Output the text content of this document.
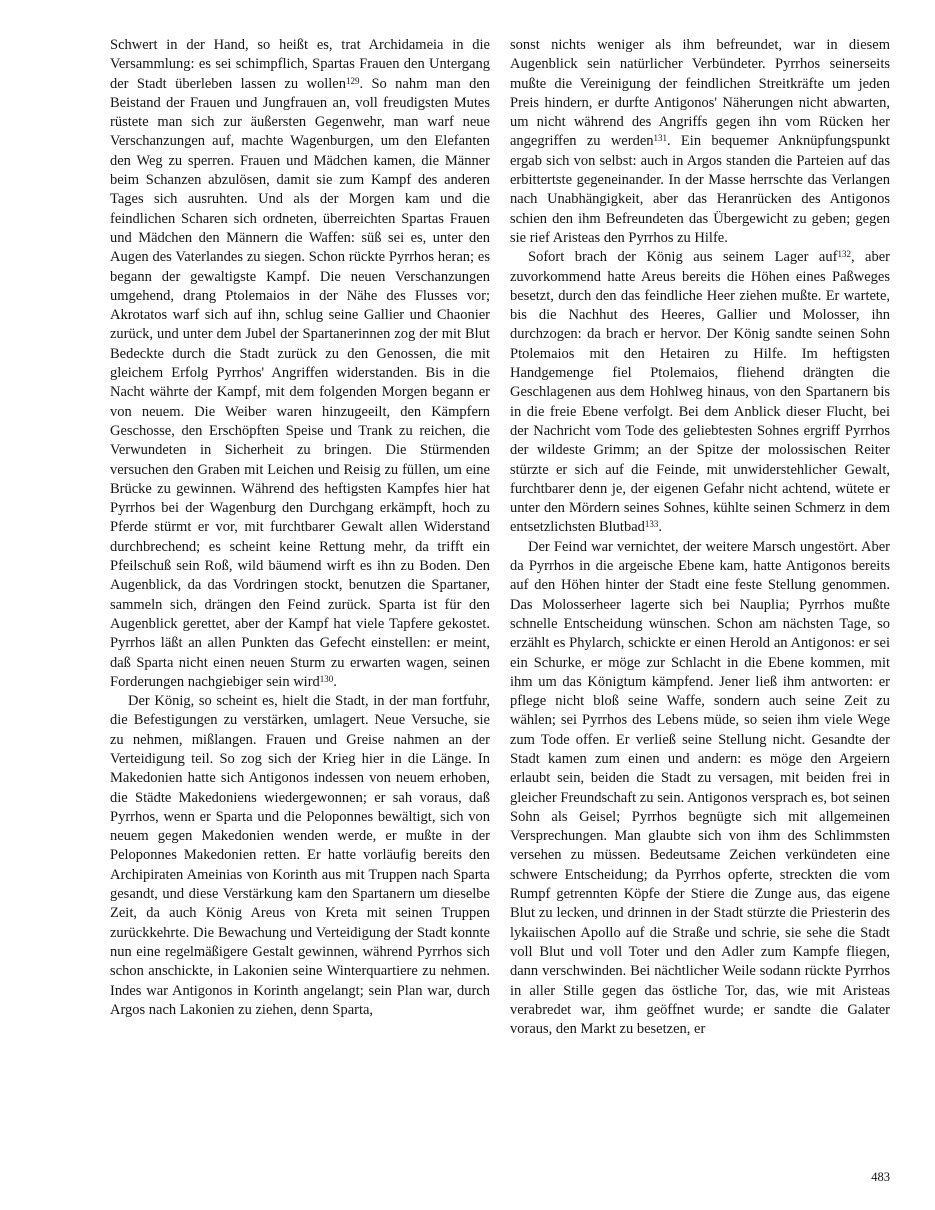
Schwert in der Hand, so heißt es, trat Archidameia in die Versammlung: es sei schimpflich, Spartas Frauen den Untergang der Stadt überleben lassen zu wollen$^{129}$. So nahm man den Beistand der Frauen und Jungfrauen an, voll freudigsten Mutes rüstete man sich zur äußersten Gegenwehr, man warf neue Verschanzungen auf, machte Wagenburgen, um den Elefanten den Weg zu sperren. Frauen und Mädchen kamen, die Männer beim Schanzen abzulösen, damit sie zum Kampf des anderen Tages sich ausruhten. Und als der Morgen kam und die feindlichen Scharen sich ordneten, überreichten Spartas Frauen und Mädchen den Männern die Waffen: süß sei es, unter den Augen des Vaterlandes zu siegen. Schon rückte Pyrrhos heran; es begann der gewaltigste Kampf. Die neuen Verschanzungen umgehend, drang Ptolemaios in der Nähe des Flusses vor; Akrotatos warf sich auf ihn, schlug seine Gallier und Chaonier zurück, und unter dem Jubel der Spartanerinnen zog der mit Blut Bedeckte durch die Stadt zurück zu den Genossen, die mit gleichem Erfolg Pyrrhos' Angriffen widerstanden. Bis in die Nacht währte der Kampf, mit dem folgenden Morgen begann er von neuem. Die Weiber waren hinzugeeilt, den Kämpfern Geschosse, den Erschöpften Speise und Trank zu reichen, die Verwundeten in Sicherheit zu bringen. Die Stürmenden versuchen den Graben mit Leichen und Reisig zu füllen, um eine Brücke zu gewinnen. Während des heftigsten Kampfes hier hat Pyrrhos bei der Wagenburg den Durchgang erkämpft, hoch zu Pferde stürmt er vor, mit furchtbarer Gewalt allen Widerstand durchbrechend; es scheint keine Rettung mehr, da trifft ein Pfeilschuß sein Roß, wild bäumend wirft es ihn zu Boden. Den Augenblick, da das Vordringen stockt, benutzen die Spartaner, sammeln sich, drängen den Feind zurück. Sparta ist für den Augenblick gerettet, aber der Kampf hat viele Tapfere gekostet. Pyrrhos läßt an allen Punkten das Gefecht einstellen: er meint, daß Sparta nicht einen neuen Sturm zu erwarten wagen, seinen Forderungen nachgiebiger sein wird$^{130}$.

Der König, so scheint es, hielt die Stadt, in der man fortfuhr, die Befestigungen zu verstärken, umlagert. Neue Versuche, sie zu nehmen, mißlangen. Frauen und Greise nahmen an der Verteidigung teil. So zog sich der Krieg hier in die Länge. In Makedonien hatte sich Antigonos indessen von neuem erhoben, die Städte Makedoniens wiedergewonnen; er sah voraus, daß Pyrrhos, wenn er Sparta und die Peloponnes bewältigt, sich von neuem gegen Makedonien wenden werde, er mußte in der Peloponnes Makedonien retten. Er hatte vorläufig bereits den Archipiraten Ameinias von Korinth aus mit Truppen nach Sparta gesandt, und diese Verstärkung kam den Spartanern um dieselbe Zeit, da auch König Areus von Kreta mit seinen Truppen zurückkehrte. Die Bewachung und Verteidigung der Stadt konnte nun eine regelmäßigere Gestalt gewinnen, während Pyrrhos sich schon anschickte, in Lakonien seine Winterquartiere zu nehmen. Indes war Antigonos in Korinth angelangt; sein Plan war, durch Argos nach Lakonien zu ziehen, denn Sparta,

sonst nichts weniger als ihm befreundet, war in diesem Augenblick sein natürlicher Verbündeter. Pyrrhos seinerseits mußte die Vereinigung der feindlichen Streitkräfte um jeden Preis hindern, er durfte Antigonos' Näherungen nicht abwarten, um nicht während des Angriffs gegen ihn vom Rücken her angegriffen zu werden$^{131}$. Ein bequemer Anknüpfungspunkt ergab sich von selbst: auch in Argos standen die Parteien auf das erbittertste gegeneinander. In der Masse herrschte das Verlangen nach Unabhängigkeit, aber das Heranrücken des Antigonos schien den ihm Befreundeten das Übergewicht zu geben; gegen sie rief Aristeas den Pyrrhos zu Hilfe.

Sofort brach der König aus seinem Lager auf$^{132}$, aber zuvorkommend hatte Areus bereits die Höhen eines Paßweges besetzt, durch den das feindliche Heer ziehen mußte. Er wartete, bis die Nachhut des Heeres, Gallier und Molosser, ihn durchzogen: da brach er hervor. Der König sandte seinen Sohn Ptolemaios mit den Hetairen zu Hilfe. Im heftigsten Handgemenge fiel Ptolemaios, fliehend drängten die Geschlagenen aus dem Hohlweg hinaus, von den Spartanern bis in die freie Ebene verfolgt. Bei dem Anblick dieser Flucht, bei der Nachricht vom Tode des geliebtesten Sohnes ergriff Pyrrhos der wildeste Grimm; an der Spitze der molossischen Reiter stürzte er sich auf die Feinde, mit unwiderstehlicher Gewalt, furchtbarer denn je, der eigenen Gefahr nicht achtend, wütete er unter den Mördern seines Sohnes, kühlte seinen Schmerz in dem entsetzlichsten Blutbad$^{133}$.

Der Feind war vernichtet, der weitere Marsch ungestört. Aber da Pyrrhos in die argeische Ebene kam, hatte Antigonos bereits auf den Höhen hinter der Stadt eine feste Stellung genommen. Das Molosserheer lagerte sich bei Nauplia; Pyrrhos mußte schnelle Entscheidung wünschen. Schon am nächsten Tage, so erzählt es Phylarch, schickte er einen Herold an Antigonos: er sei ein Schurke, er möge zur Schlacht in die Ebene kommen, mit ihm um das Königtum kämpfend. Jener ließ ihm antworten: er pflege nicht bloß seine Waffe, sondern auch seine Zeit zu wählen; sei Pyrrhos des Lebens müde, so seien ihm viele Wege zum Tode offen. Er verließ seine Stellung nicht. Gesandte der Stadt kamen zum einen und andern: es möge den Argeiern erlaubt sein, beiden die Stadt zu versagen, mit beiden frei in gleicher Freundschaft zu sein. Antigonos versprach es, bot seinen Sohn als Geisel; Pyrrhos begnügte sich mit allgemeinen Versprechungen. Man glaubte sich von ihm des Schlimmsten versehen zu müssen. Bedeutsame Zeichen verkündeten eine schwere Entscheidung; da Pyrrhos opferte, streckten die vom Rumpf getrennten Köpfe der Stiere die Zunge aus, das eigene Blut zu lecken, und drinnen in der Stadt stürzte die Priesterin des lykaiischen Apollo auf die Straße und schrie, sie sehe die Stadt voll Blut und voll Toter und den Adler zum Kampfe fliegen, dann verschwinden. Bei nächtlicher Weile sodann rückte Pyrrhos in aller Stille gegen das östliche Tor, das, wie mit Aristeas verabredet war, ihm geöffnet wurde; er sandte die Galater voraus, den Markt zu besetzen, er

483
